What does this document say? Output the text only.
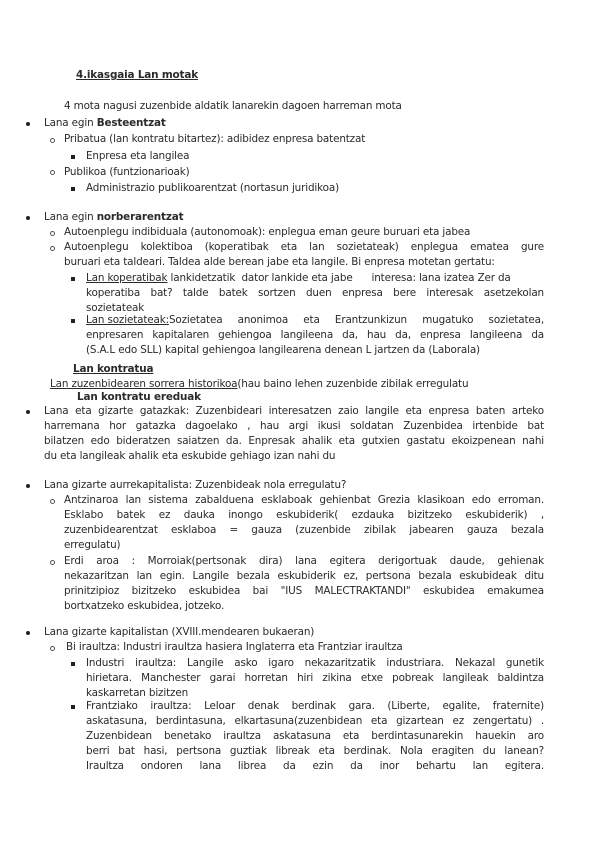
4.ikasgaia Lan motak
4 mota nagusi zuzenbide aldatik lanarekin dagoen harreman mota
Lana egin Besteentzat
Pribatua (lan kontratu bitartez): adibidez enpresa batentzat
Enpresa eta langilea
Publikoa (funtzionarioak)
Administrazio publikoarentzat (nortasun juridikoa)
Lana egin norberarentzat
Autoenplegu indibiduala (autonomoak): enplegua eman geure buruari eta jabea
Autoenplegu kolektiboa (koperatibak eta lan sozietateak) enplegua ematea gure
buruari eta taldeari. Taldea alde berean jabe eta langile. Bi enpresa motetan gertatu:
Lan koperatibak lankidetzatik  dator lankide eta jabe      interesa: lana izatea Zer da
koperatiba bat? talde batek sortzen duen enpresa bere interesak asetzekolan
sozietateak
Lan sozietateak: Sozietatea anonimoa eta Erantzunkizun mugatuko sozietatea,
enpresaren kapitalaren gehiengoa langileena da, hau da, enpresa langileena da
(S.A.L edo SLL) kapital gehiengoa langilearena denean L jartzen da (Laborala)
Lan kontratua
Lan zuzenbidearen sorrera historikoa(hau baino lehen zuzenbide zibilak erregulatu
Lan kontratu ereduak
Lana eta gizarte gatazkak: Zuzenbideari interesatzen zaio langile eta enpresa baten arteko
harremana hor gatazka dagoelako , hau argi ikusi soldatan Zuzenbidea irtenbide bat
bilatzen edo bideratzen saiatzen da. Enpresak ahalik eta gutxien gastatu ekoizpenean nahi
du eta langileak ahalik eta eskubide gehiago izan nahi du
Lana gizarte aurrekapitalista: Zuzenbideak nola erregulatu?
Antzinaroa lan sistema zabalduena esklaboak gehienbat Grezia klasikoan edo erroman.
Esklabo batek ez dauka inongo eskubiderik( ezdauka bizitzeko eskubiderik) ,
zuzenbidearentzat esklaboa = gauza (zuzenbide zibilak jabearen gauza bezala
erregulatu)
Erdi aroa : Morroiak(pertsonak dira) lana egitera derigortuak daude, gehienak
nekazaritzan lan egin. Langile bezala eskubiderik ez, pertsona bezala eskubideak ditu
prinitzipioz bizitzeko eskubidea bai "IUS MALECTRAKTANDI" eskubidea emakumea
bortxatzeko eskubidea, jotzeko.
Lana gizarte kapitalistan (XVIII.mendearen bukaeran)
Bi iraultza: Industri iraultza hasiera Inglaterra eta Frantziar iraultza
Industri iraultza: Langile asko igaro nekazaritzatik industriara. Nekazal gunetik
hirietara. Manchester garai horretan hiri zikina etxe pobreak langileak baldintza
kaskarretan bizitzen
Frantziako iraultza: Leloar denak berdinak gara. (Liberte, egalite, fraternite)
askatasuna, berdintasuna, elkartasuna(zuzenbidean eta gizartean ez zengertatu) .
Zuzenbidean benetako iraultza askatasuna eta berdintasunarekin hauekin aro
berri bat hasi, pertsona guztiak libreak eta berdinak. Nola eragiten du lanean?
Iraultza ondoren lana librea da ezin da inor behartu lan egitera.
